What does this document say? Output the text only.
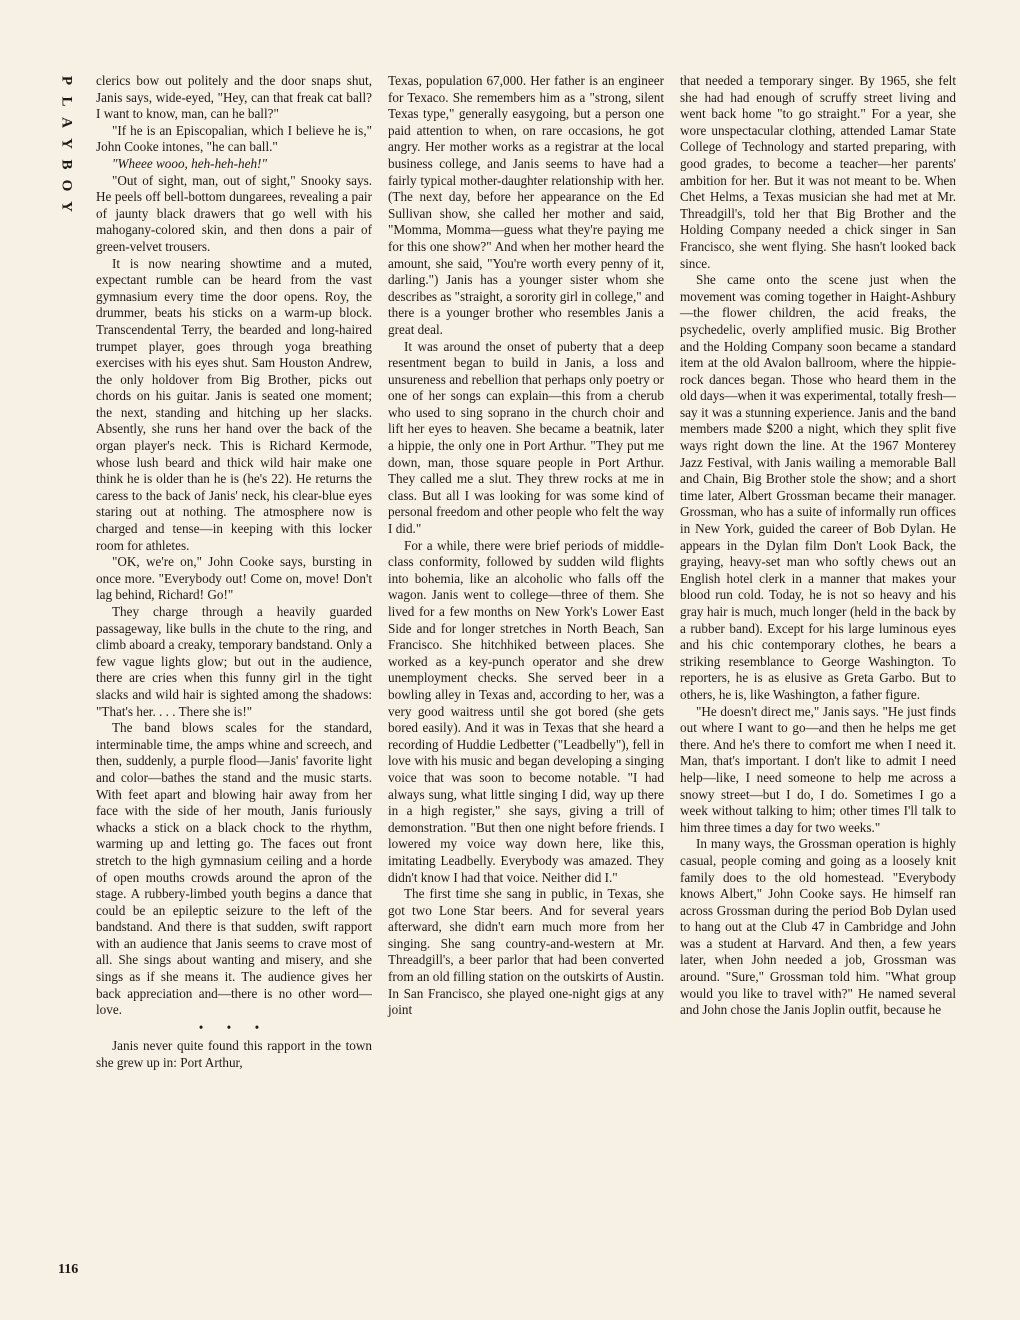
P
L
A
Y
B
O
Y

clerics bow out politely and the door snaps shut, Janis says, wide-eyed, "Hey, can that freak cat ball? I want to know, man, can he ball?"

"If he is an Episcopalian, which I believe he is," John Cooke intones, "he can ball."

"Wheee wooo, heh-heh-heh!"

"Out of sight, man, out of sight," Snooky says. He peels off bell-bottom dungarees, revealing a pair of jaunty black drawers that go well with his mahogany-colored skin, and then dons a pair of green-velvet trousers.

It is now nearing showtime and a muted, expectant rumble can be heard from the vast gymnasium every time the door opens. Roy, the drummer, beats his sticks on a warm-up block. Transcendental Terry, the bearded and long-haired trumpet player, goes through yoga breathing exercises with his eyes shut. Sam Houston Andrew, the only holdover from Big Brother, picks out chords on his guitar. Janis is seated one moment; the next, standing and hitching up her slacks. Absently, she runs her hand over the back of the organ player's neck. This is Richard Kermode, whose lush beard and thick wild hair make one think he is older than he is (he's 22). He returns the caress to the back of Janis' neck, his clear-blue eyes staring out at nothing. The atmosphere now is charged and tense—in keeping with this locker room for athletes.

"OK, we're on," John Cooke says, bursting in once more. "Everybody out! Come on, move! Don't lag behind, Richard! Go!"

They charge through a heavily guarded passageway, like bulls in the chute to the ring, and climb aboard a creaky, temporary bandstand. Only a few vague lights glow; but out in the audience, there are cries when this funny girl in the tight slacks and wild hair is sighted among the shadows: "That's her. . . . There she is!"

The band blows scales for the standard, interminable time, the amps whine and screech, and then, suddenly, a purple flood—Janis' favorite light and color—bathes the stand and the music starts. With feet apart and blowing hair away from her face with the side of her mouth, Janis furiously whacks a stick on a black chock to the rhythm, warming up and letting go. The faces out front stretch to the high gymnasium ceiling and a horde of open mouths crowds around the apron of the stage. A rubbery-limbed youth begins a dance that could be an epileptic seizure to the left of the bandstand. And there is that sudden, swift rapport with an audience that Janis seems to crave most of all. She sings about wanting and misery, and she sings as if she means it. The audience gives her back appreciation and—there is no other word—love.

• • •

Janis never quite found this rapport in the town she grew up in: Port Arthur,

Texas, population 67,000. Her father is an engineer for Texaco. She remembers him as a "strong, silent Texas type," generally easygoing, but a person one paid attention to when, on rare occasions, he got angry. Her mother works as a registrar at the local business college, and Janis seems to have had a fairly typical mother-daughter relationship with her. (The next day, before her appearance on the Ed Sullivan show, she called her mother and said, "Momma, Momma—guess what they're paying me for this one show?" And when her mother heard the amount, she said, "You're worth every penny of it, darling.") Janis has a younger sister whom she describes as "straight, a sorority girl in college," and there is a younger brother who resembles Janis a great deal.

It was around the onset of puberty that a deep resentment began to build in Janis, a loss and unsureness and rebellion that perhaps only poetry or one of her songs can explain—this from a cherub who used to sing soprano in the church choir and lift her eyes to heaven. She became a beatnik, later a hippie, the only one in Port Arthur. "They put me down, man, those square people in Port Arthur. They called me a slut. They threw rocks at me in class. But all I was looking for was some kind of personal freedom and other people who felt the way I did."

For a while, there were brief periods of middle-class conformity, followed by sudden wild flights into bohemia, like an alcoholic who falls off the wagon. Janis went to college—three of them. She lived for a few months on New York's Lower East Side and for longer stretches in North Beach, San Francisco. She hitchhiked between places. She worked as a key-punch operator and she drew unemployment checks. She served beer in a bowling alley in Texas and, according to her, was a very good waitress until she got bored (she gets bored easily). And it was in Texas that she heard a recording of Huddie Ledbetter ("Leadbelly"), fell in love with his music and began developing a singing voice that was soon to become notable. "I had always sung, what little singing I did, way up there in a high register," she says, giving a trill of demonstration. "But then one night before friends. I lowered my voice way down here, like this, imitating Leadbelly. Everybody was amazed. They didn't know I had that voice. Neither did I."

The first time she sang in public, in Texas, she got two Lone Star beers. And for several years afterward, she didn't earn much more from her singing. She sang country-and-western at Mr. Threadgill's, a beer parlor that had been converted from an old filling station on the outskirts of Austin. In San Francisco, she played one-night gigs at any joint

that needed a temporary singer. By 1965, she felt she had had enough of scruffy street living and went back home "to go straight." For a year, she wore unspectacular clothing, attended Lamar State College of Technology and started preparing, with good grades, to become a teacher—her parents' ambition for her. But it was not meant to be. When Chet Helms, a Texas musician she had met at Mr. Threadgill's, told her that Big Brother and the Holding Company needed a chick singer in San Francisco, she went flying. She hasn't looked back since.

She came onto the scene just when the movement was coming together in Haight-Ashbury—the flower children, the acid freaks, the psychedelic, overly amplified music. Big Brother and the Holding Company soon became a standard item at the old Avalon ballroom, where the hippie-rock dances began. Those who heard them in the old days—when it was experimental, totally fresh—say it was a stunning experience. Janis and the band members made $200 a night, which they split five ways right down the line. At the 1967 Monterey Jazz Festival, with Janis wailing a memorable Ball and Chain, Big Brother stole the show; and a short time later, Albert Grossman became their manager. Grossman, who has a suite of informally run offices in New York, guided the career of Bob Dylan. He appears in the Dylan film Don't Look Back, the graying, heavy-set man who softly chews out an English hotel clerk in a manner that makes your blood run cold. Today, he is not so heavy and his gray hair is much, much longer (held in the back by a rubber band). Except for his large luminous eyes and his chic contemporary clothes, he bears a striking resemblance to George Washington. To reporters, he is as elusive as Greta Garbo. But to others, he is, like Washington, a father figure.

"He doesn't direct me," Janis says. "He just finds out where I want to go—and then he helps me get there. And he's there to comfort me when I need it. Man, that's important. I don't like to admit I need help—like, I need someone to help me across a snowy street—but I do, I do. Sometimes I go a week without talking to him; other times I'll talk to him three times a day for two weeks."

In many ways, the Grossman operation is highly casual, people coming and going as a loosely knit family does to the old homestead. "Everybody knows Albert," John Cooke says. He himself ran across Grossman during the period Bob Dylan used to hang out at the Club 47 in Cambridge and John was a student at Harvard. And then, a few years later, when John needed a job, Grossman was around. "Sure," Grossman told him. "What group would you like to travel with?" He named several and John chose the Janis Joplin outfit, because he

116
